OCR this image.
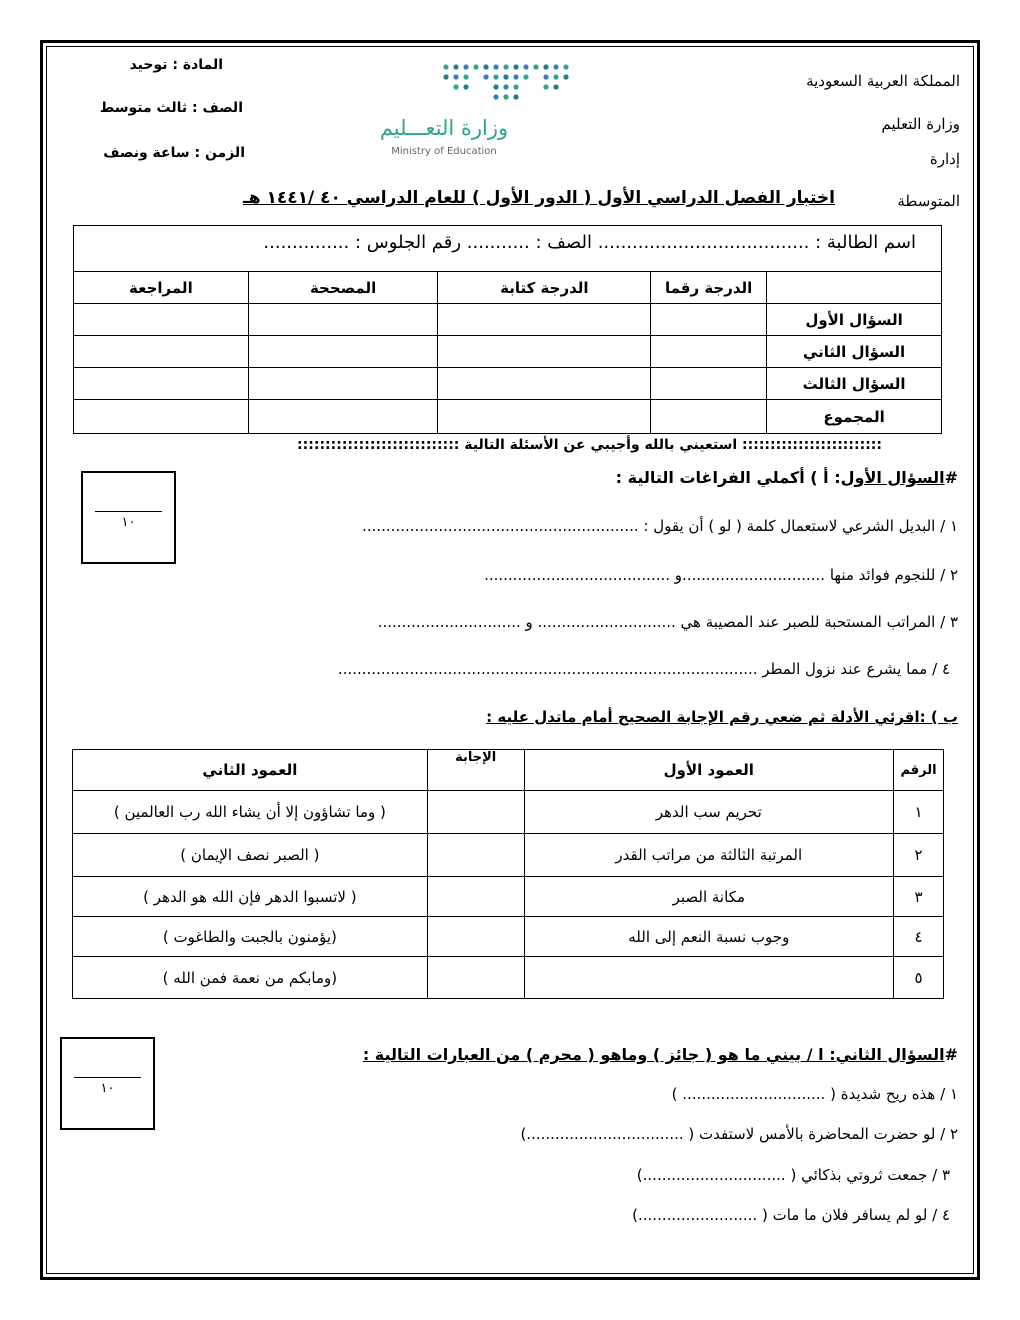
المملكة العربية السعودية
وزارة التعليم
إدارة
المتوسطة
المادة : توحيد
الصف : ثالث متوسط
الزمن : ساعة ونصف
وزارة التعـــليم
Ministry of Education
اختبار الفصل الدراسي الأول ( الدور الأول ) للعام الدراسي ٤٠ /١٤٤١ هـ
اسم الطالبة : ..................................... الصف : ........... رقم الجلوس : ...............
المراجعة	المصححة	الدرجة كتابة	الدرجة رقما	
				السؤال الأول
				السؤال الثاني
				السؤال الثالث
				المجموع
::::::::::::::::::::::::: استعيني بالله وأجيبي عن الأسئلة التالية :::::::::::::::::::::::::::::
#السؤال الأول: أ ) أكملي الفراغات التالية :
١٠	١ / البديل الشرعي لاستعمال كلمة ( لو ) أن يقول : ..........................................................
٢ / للنجوم فوائد منها ..............................و .......................................
٣ / المراتب المستحبة للصبر عند المصيبة هي ............................. و ..............................
٤ / مما يشرع عند نزول المطر ........................................................................................
ب ) :اقرئي الأدلة ثم ضعي رقم الإجابة الصحيح أمام ماتدل عليه :
العمود الثاني	الإجابة	العمود الأول	الرقم
( وما تشاؤون إلا أن يشاء الله رب العالمين )		تحريم سب الدهر	١
( الصبر نصف الإيمان )		المرتبة الثالثة من مراتب القدر	٢
( لاتسبوا الدهر فإن الله هو الدهر )		مكانة الصبر	٣
(يؤمنون بالجبت والطاغوت )		وجوب نسبة النعم إلى الله	٤
(ومابكم من نعمة فمن الله )			٥
١٠
#السؤال الثاني: ا / بيني ما هو ( جائز ) وماهو ( محرم ) من العبارات التالية :
١ / هذه ريح شديدة ( .............................. )
٢ / لو حضرت المحاضرة بالأمس لاستفدت ( .................................)
٣ / جمعت ثروتي بذكائي ( ..............................)
٤ / لو لم يسافر فلان ما مات ( .........................)
